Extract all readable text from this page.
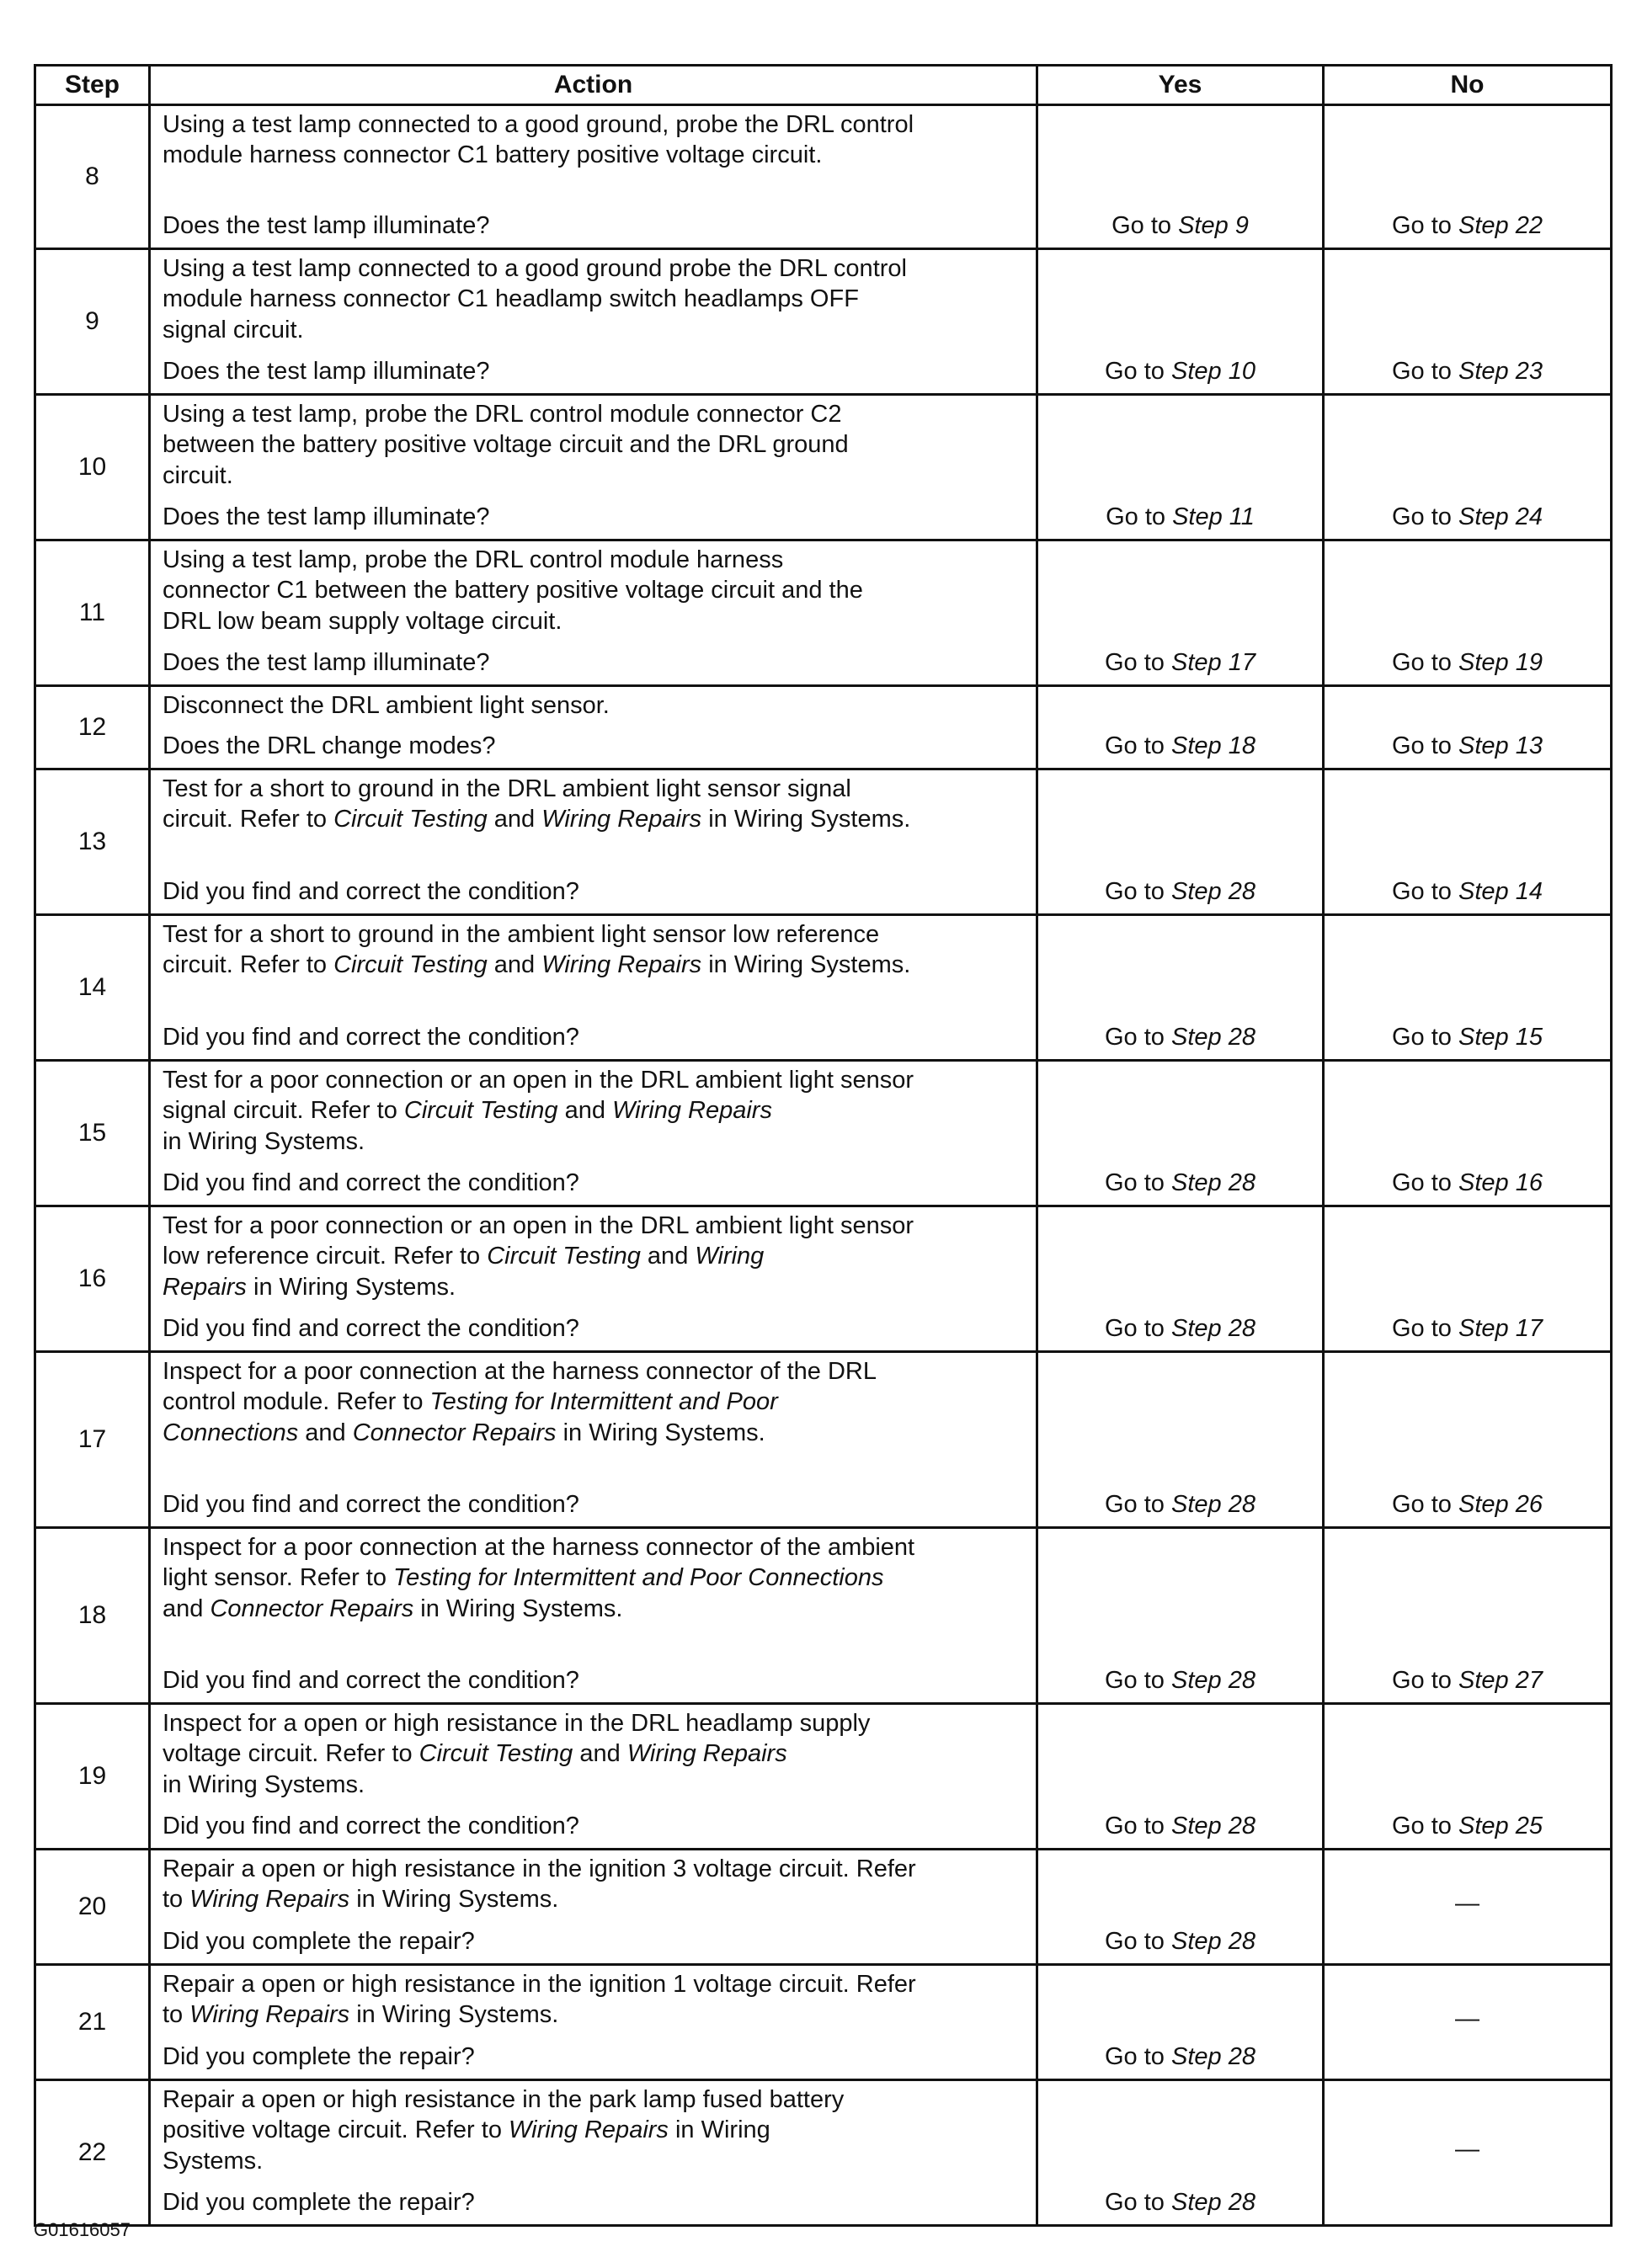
Step	Action	Yes	No
8	Using a test lamp connected to a good ground, probe the DRL control
module harness connector C1 battery positive voltage circuit.
Does the test lamp illuminate?	Go to Step 9	Go to Step 22
9	Using a test lamp connected to a good ground probe the DRL control
module harness connector C1 headlamp switch headlamps OFF
signal circuit.
Does the test lamp illuminate?	Go to Step 10	Go to Step 23
10	Using a test lamp, probe the DRL control module connector C2
between the battery positive voltage circuit and the DRL ground
circuit.
Does the test lamp illuminate?	Go to Step 11	Go to Step 24
11	Using a test lamp, probe the DRL control module harness
connector C1 between the battery positive voltage circuit and the
DRL low beam supply voltage circuit.
Does the test lamp illuminate?	Go to Step 17	Go to Step 19
12	Disconnect the DRL ambient light sensor.
Does the DRL change modes?	Go to Step 18	Go to Step 13
13	Test for a short to ground in the DRL ambient light sensor signal
circuit. Refer to Circuit Testing and Wiring Repairs in Wiring Systems.
Did you find and correct the condition?	Go to Step 28	Go to Step 14
14	Test for a short to ground in the ambient light sensor low reference
circuit. Refer to Circuit Testing and Wiring Repairs in Wiring Systems.
Did you find and correct the condition?	Go to Step 28	Go to Step 15
15	Test for a poor connection or an open in the DRL ambient light sensor
signal circuit. Refer to Circuit Testing and Wiring Repairs
in Wiring Systems.
Did you find and correct the condition?	Go to Step 28	Go to Step 16
16	Test for a poor connection or an open in the DRL ambient light sensor
low reference circuit. Refer to Circuit Testing and Wiring
Repairs in Wiring Systems.
Did you find and correct the condition?	Go to Step 28	Go to Step 17
17	Inspect for a poor connection at the harness connector of the DRL
control module. Refer to Testing for Intermittent and Poor
Connections and Connector Repairs in Wiring Systems.
Did you find and correct the condition?	Go to Step 28	Go to Step 26
18	Inspect for a poor connection at the harness connector of the ambient
light sensor. Refer to Testing for Intermittent and Poor Connections
and Connector Repairs in Wiring Systems.
Did you find and correct the condition?	Go to Step 28	Go to Step 27
19	Inspect for a open or high resistance in the DRL headlamp supply
voltage circuit. Refer to Circuit Testing and Wiring Repairs
in Wiring Systems.
Did you find and correct the condition?	Go to Step 28	Go to Step 25
20	Repair a open or high resistance in the ignition 3 voltage circuit. Refer
to Wiring Repairs in Wiring Systems.
Did you complete the repair?	Go to Step 28	—
21	Repair a open or high resistance in the ignition 1 voltage circuit. Refer
to Wiring Repairs in Wiring Systems.
Did you complete the repair?	Go to Step 28	—
22	Repair a open or high resistance in the park lamp fused battery
positive voltage circuit. Refer to Wiring Repairs in Wiring
Systems.
Did you complete the repair?	Go to Step 28	—
G01616057
